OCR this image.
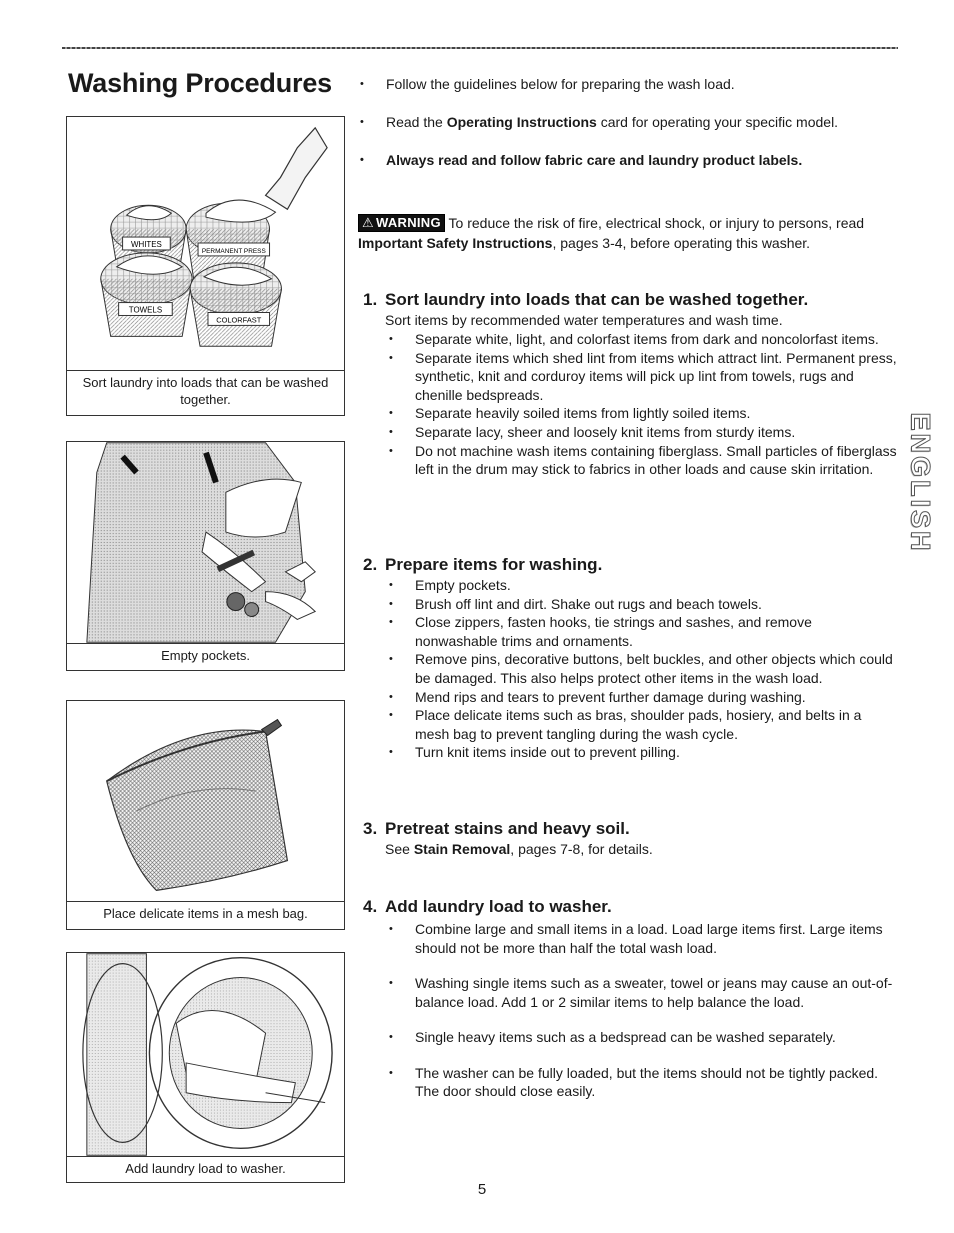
Washing Procedures
WHITES
PERMANENT PRESS
TOWELS
COLORFAST
Sort laundry into loads that can be washed together.
Empty pockets.
Place delicate items in a mesh bag.
Add laundry load to washer.
• Follow the guidelines below for preparing the wash load.
• Read the Operating Instructions card for operating your specific model.
• Always read and follow fabric care and laundry product labels.

⚠ WARNING To reduce the risk of fire, electrical shock, or injury to persons, read Important Safety Instructions, pages 3-4, before operating this washer.

1. Sort laundry into loads that can be washed together.

Sort items by recommended water temperatures and wash time.

• Separate white, light, and colorfast items from dark and noncolorfast items.
• Separate items which shed lint from items which attract lint. Permanent press, synthetic, knit and corduroy items will pick up lint from towels, rugs and chenille bedspreads.
• Separate heavily soiled items from lightly soiled items.
• Separate lacy, sheer and loosely knit items from sturdy items.
• Do not machine wash items containing fiberglass. Small particles of fiberglass left in the drum may stick to fabrics in other loads and cause skin irritation.
2. Prepare items for washing.
• Empty pockets.
• Brush off lint and dirt. Shake out rugs and beach towels.
• Close zippers, fasten hooks, tie strings and sashes, and remove nonwashable trims and ornaments.
• Remove pins, decorative buttons, belt buckles, and other objects which could be damaged. This also helps protect other items in the wash load.
• Mend rips and tears to prevent further damage during washing.
• Place delicate items such as bras, shoulder pads, hosiery, and belts in a mesh bag to prevent tangling during the wash cycle.
• Turn knit items inside out to prevent pilling.
3. Pretreat stains and heavy soil.

See Stain Removal, pages 7-8, for details.

4. Add laundry load to washer.
• Combine large and small items in a load. Load large items first. Large items should not be more than half the total wash load.
• Washing single items such as a sweater, towel or jeans may cause an out-of-balance load. Add 1 or 2 similar items to help balance the load.
• Single heavy items such as a bedspread can be washed separately.
• The washer can be fully loaded, but the items should not be tightly packed. The door should close easily.
ENGLISH
5
